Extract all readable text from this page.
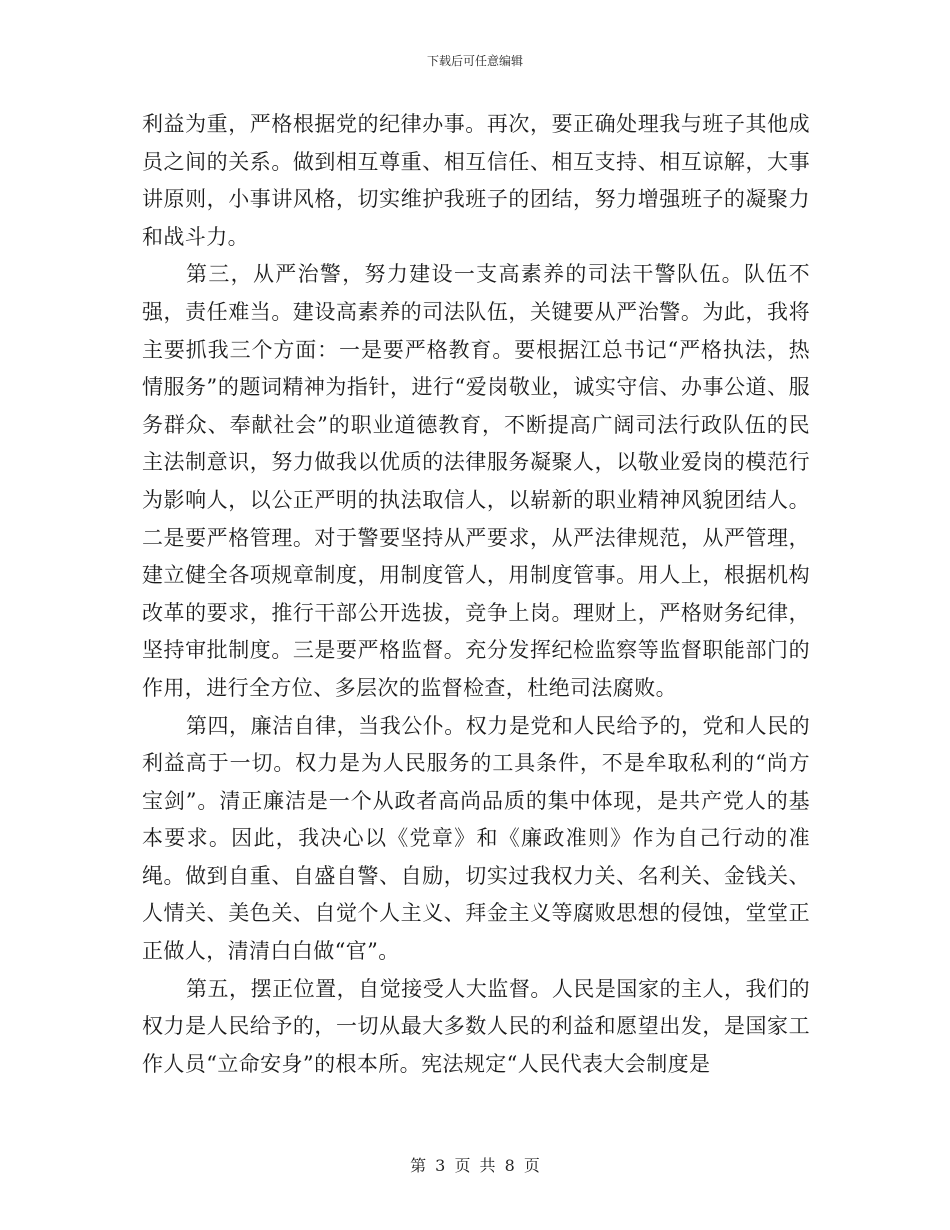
下载后可任意编辑

利益为重，严格根据党的纪律办事。再次，要正确处理我与班子其他成员之间的关系。做到相互尊重、相互信任、相互支持、相互谅解，大事讲原则，小事讲风格，切实维护我班子的团结，努力增强班子的凝聚力和战斗力。

第三，从严治警，努力建设一支高素养的司法干警队伍。队伍不强，责任难当。建设高素养的司法队伍，关键要从严治警。为此，我将主要抓我三个方面：一是要严格教育。要根据江总书记“严格执法，热情服务”的题词精神为指针，进行“爱岗敬业，诚实守信、办事公道、服务群众、奉献社会”的职业道德教育，不断提高广阔司法行政队伍的民主法制意识，努力做我以优质的法律服务凝聚人，以敬业爱岗的模范行为影响人，以公正严明的执法取信人，以崭新的职业精神风貌团结人。二是要严格管理。对于警要坚持从严要求，从严法律规范，从严管理，建立健全各项规章制度，用制度管人，用制度管事。用人上，根据机构改革的要求，推行干部公开选拔，竞争上岗。理财上，严格财务纪律，坚持审批制度。三是要严格监督。充分发挥纪检监察等监督职能部门的作用，进行全方位、多层次的监督检查，杜绝司法腐败。

第四，廉洁自律，当我公仆。权力是党和人民给予的，党和人民的利益高于一切。权力是为人民服务的工具条件，不是牟取私利的“尚方宝剑”。清正廉洁是一个从政者高尚品质的集中体现，是共产党人的基本要求。因此，我决心以《党章》和《廉政准则》作为自己行动的准绳。做到自重、自盛自警、自励，切实过我权力关、名利关、金钱关、人情关、美色关、自觉个人主义、拜金主义等腐败思想的侵蚀，堂堂正正做人，清清白白做“官”。

第五，摆正位置，自觉接受人大监督。人民是国家的主人，我们的权力是人民给予的，一切从最大多数人民的利益和愿望出发，是国家工作人员“立命安身”的根本所。宪法规定“人民代表大会制度是

第 3 页 共 8 页
